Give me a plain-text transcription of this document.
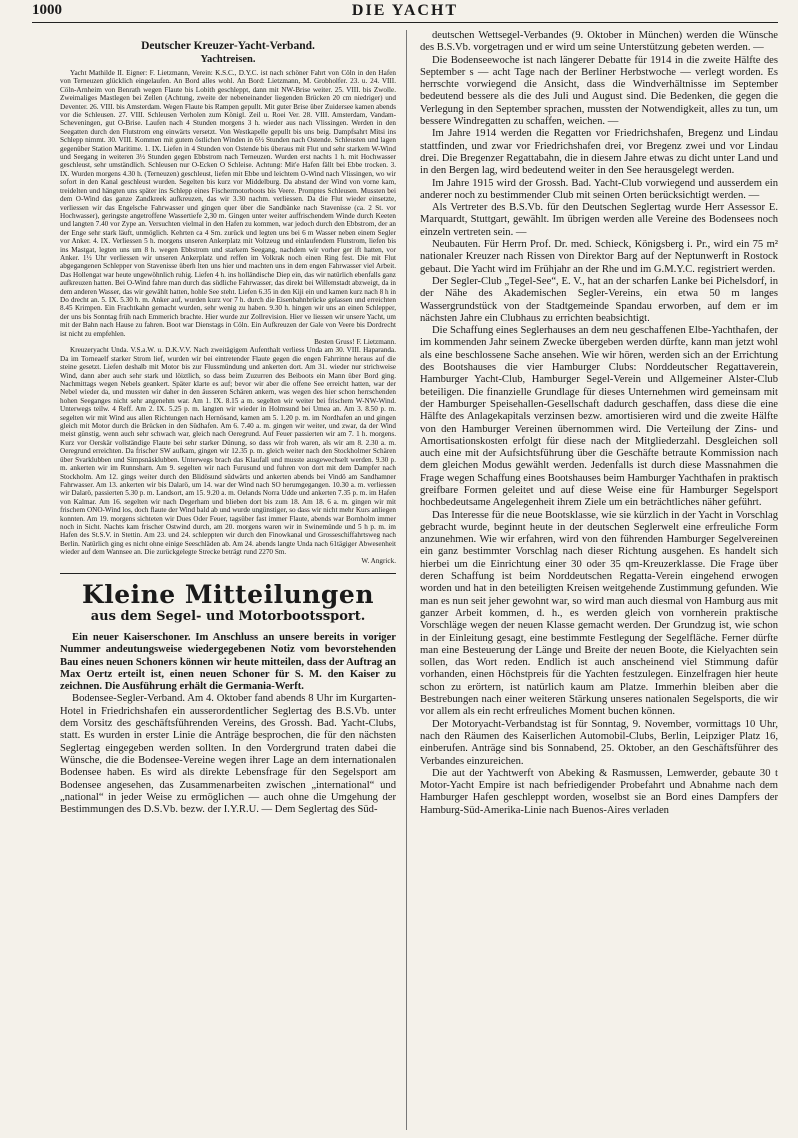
1000	DIE YACHT
Deutscher Kreuzer-Yacht-Verband.
Yachtreisen.

Yacht Mathilde II. Eigner: F. Lietzmann, Verein: K.S.C., D.Y.C. ist nach schöner Fahrt von Cöln in den Hafen von Terneuzen glücklich eingelaufen. An Bord alles wohl. An Bord: Lietzmann, M. Grobholfer. 23. u. 24. VIII. Cöln-Arnheim von Benrath wegen Flaute bis Lobith geschleppt, dann mit NW-Brise weiter. 25. VIII. bis Zwolle. Zweimaliges Mastlegen bei Zellen (Achtung, zweite der nebeneinander liegenden Brücken 20 cm niedriger) und Deventer. 26. VIII. bis Amsterdam. Wegen Flaute bis Rampen gepullt. Mit guter Brise über Zuidersee kamen abends vor die Schleusen. 27. VIII. Schleusen Verholen zum Königl. Zeil u. Roei Ver. 28. VIII. Amsterdam, Vandam-Scheveningen, gut O-Brise. Laufen nach 4 Stunden morgens 3 h. wieder aus nach Vlissingen. Werden in den Seegatten durch den Flutstrom eng einwärts versetzt. Von Westkapelle gepullt bis uns beig. Dampfsahrt Mitsi ins Schlepp nimmt. 30. VIII. Kommen mit gutem östlichen Winden in 6½ Stunden nach Ostende. Schleusten und lagen gegenüber Station Maritime. 1. IX. Liefen in 4 Stunden von Ostende bis überaus mit Flut und sehr starkem W-Wind und Seegang in weiteren 3½ Stunden gegen Ebbstrom nach Terneuzen. Wurden erst nachts 1 h. mit Hochwasser geschleust, sehr umständlich. Schleusen nur O-Ecken O Schleise. Achtung: Mit'e Hafen fällt bei Ebbe trocken. 3. IX. Wurden morgens 4.30 h. (Terneuzen) geschleust, liefen mit Ebbe und leichtem O-Wind nach Vlissingen, wo wir sofort in den Kanal geschleust wurden. Segelten bis kurz vor Middelburg. Da abstand der Wind von vorne kam, treidelten und hängten uns später ins Schlepp eines Fischermotorboots bis Veere. Promptes Schleusen. Mussten bei dem O-Wind das ganze Zandkreek aufkreuzen, das wir 3.30 nachm. verliessen. Da die Flut wieder einsetzte, verliessen wir das Engelsche Fahrwasser und gingen quer über die Sandbänke nach Stavenisse (ca. 2 St. vor Hochwasser), geringste angetroffene Wassertiefe 2,30 m. Gingen unter weiter auffrischendem Winde durch Keeten und langten 7.40 vor Zype an. Versuchten vielmal in den Hafen zu kommen, war jedoch durch den Ebbstrom, der an der Enge sehr stark läuft, unmöglich. Kehrten ca 4 Sm. zurück und legten uns bei 6 m Wasser neben einem Segler vor Anker. 4. IX. Verliessen 5 h. morgens unseren Ankerplatz mit Voltzeug und einlaufendem Flutstrom, liefen bis ins Mastgat, legten uns um 8 h. wegen Ebbstrom und starkem Seegang, nachdem wir vorher ger ift hatten, vor Anker. 1½ Uhr verliessen wir unseren Ankerplatz und reffen im Volkrak noch einen Ring fest. Die mit Flut abgegangenen Schlepper von Stavenisse überh lten uns hier und machten uns in dem engen Fahrwasser viel Arbeit. Das Hollengat war heute ungewöhnlich ruhig. Liefen 4 h. ins holländische Diep ein, das wir natürlich ebenfalls ganz aufkreuzen hatten. Bei O-Wind fahre man durch das südliche Fahrwasser, das direkt bei Willemstadt abzweigt, da in dem anderen Wasser, das wir gewählt hatten, hohle See steht. Liefen 6.35 in den Kiji ein und kamen kurz nach 8 h in Do drecht an. 5. IX. 5.30 h. m. Anker auf, wurden kurz vor 7 h. durch die Eisenbahnbrücke gelassen und erreichten 8.45 Krimpen. Ein Frachtkahn gemacht wurden, sehr wenig zu haben. 9.30 h. hingen wir uns an einen Schlepper, der uns bis Sonntag früh nach Emmerich brachte. Hier wurde zur Zollrevision. Hier ve liessen wir unsere Yacht, um mit der Bahn nach Hause zu fahren. Boot war Dienstags in Cöln. Ein Aufkreuzen der Gale von Veere bis Dordrecht ist nicht zu empfehlen.

Besten Gruss! F. Lietzmann.

Kreuzeryacht Unda. V.S.a.W. u. D.K.V.V. Nach zweitägigem Aufenthalt verliess Unda am 30. VIII. Haparanda. Da im Torneaelf starker Strom lief, wurden wir bei eintretender Flaute gegen die engen Fahrrinne heraus auf die steine gesetzt. Liefen deshalb mit Motor bis zur Flussmündung und ankerten dort. Am 31. wieder nur strichweise Wind, dann aber auch sehr stark und löiztlich, so dass beim Zuzurren des Beiboots ein Mann über Bord ging. Nachmittags wegen Nebels geankert. Später klarte es auf; bevor wir aber die offene See erreicht hatten, war der Nebel wieder da, und mussten wir daher in den äusseren Schären ankern, was wegen des hier schon herrschenden hohen Seeganges nicht sehr angenehm war. Am 1. IX. 8.15 a m. segelten wir weiter bei frischem W-NW-Wind. Unterwegs teilw. 4 Reff. Am 2. IX. 5.25 p. m. langten wir wieder in Holmsund bei Umea an. Am 3. 8.50 p. m. segelten wir mit Wind aus allen Richtungen nach Hernösand, kamen am 5. 1.20 p. m. im Nordhafen an und gingen gleich mit Motor durch die Brücken in den Südhafen. Am 6. 7.40 a. m. gingen wir weiter, und zwar, da der Wind meist günstig, wenn auch sehr schwach war, gleich nach Oeregrund. Auf Feuer passierten wir am 7. 1 h. morgens. Kurz vor Oerskär vollständige Flaute bei sehr starker Dünung, so dass wir froh waren, als wir am 8. 2.30 a. m. Oeregrund erreichten. Da frischer SW aufkam, gingen wir 12.35 p. m. gleich weiter nach den Stockholmer Schären über Svarklubben und Simpsnäsklubben. Unterwegs brach das Klaufall und musste ausgewechselt werden. 9.30 p. m. ankerten wir im Runnsharn. Am 9. segelten wir nach Furusund und fuhren von dort mit dem Dampfer nach Stockholm. Am 12. gings weiter durch den Blidösund südwärts und ankerten abends bei Vindö am Sandhamner Fahrwasser. Am 13. ankerten wir bis Dalarö, um 14. war der Wind nach SO herumgegangen. 10.30 a. m. verliessen wir Dalarö, passierten 5.30 p. m. Landsort, am 15. 9.20 a. m. Oelands Norra Udde und ankerten 7.35 p. m. im Hafen von Kalmar. Am 16. segelten wir nach Degerham und blieben dort bis zum 18. Am 18. 6 a. m. gingen wir mit frischem ONO-Wind los, doch flaute der Wind bald ab und wurde ungünstiger, so dass wir nicht mehr Kurs anliegen konnten. Am 19. morgens sichteten wir Dues Oder Feuer, tagsüber fast immer Flaute, abends war Bornholm immer noch in Sicht. Nachts kam frischer Ostwind durch, am 20. morgens waren wir in Swinemünde und 5 h p. m. im Hafen des St.S.V. in Stettin. Am 23. und 24. schleppten wir durch den Finowkanal und Grosseschiffahrtsweg nach Berlin. Natürlich ging es nicht ohne einige Seeschläden ab. Am 24. abends langte Unda nach 61tägiger Abwesenheit wieder auf dem Wannsee an. Die zurückgelegte Strecke beträgt rund 2270 Sm.

W. Angrick.
Kleine Mitteilungen
aus dem Segel- und Motorbootssport.

Ein neuer Kaiserschoner. Im Anschluss an unsere bereits in voriger Nummer andeutungsweise wiedergegebenen Notiz vom bevorstehenden Bau eines neuen Schoners können wir heute mitteilen, dass der Auftrag an Max Oertz erteilt ist, einen neuen Schoner für S. M. den Kaiser zu zeichnen. Die Ausführung erhält die Germania-Werft.

Bodensee-Segler-Verband. Am 4. Oktober fand abends 8 Uhr im Kurgarten-Hotel in Friedrichshafen ein ausserordentlicher Seglertag des B.S.Vb. unter dem Vorsitz des geschäftsführenden Vereins, des Grossh. Bad. Yacht-Clubs, statt. Es wurden in erster Linie die Anträge besprochen, die für den nächsten Seglertag eingegeben werden sollten. In den Vordergrund traten dabei die Wünsche, die die Bodensee-Vereine wegen ihrer Lage an dem internationalen Bodensee haben. Es wird als direkte Lebensfrage für den Segelsport am Bodensee angesehen, das Zusammenarbeiten zwischen „international“ und „national“ in jeder Weise zu ermöglichen — auch ohne die Umgehung der Bestimmungen des D.S.Vb. bezw. der I.Y.R.U. — Dem Seglertag des Süd-

deutschen Wettsegel-Verbandes (9. Oktober in München) werden die Wünsche des B.S.Vb. vorgetragen und er wird um seine Unterstützung gebeten werden. —

Die Bodenseewoche ist nach längerer Debatte für 1914 in die zweite Hälfte des September s — acht Tage nach der Berliner Herbstwoche — verlegt worden. Es herrschte vorwiegend die Ansicht, dass die Windverhältnisse im September bedeutend bessere als die des Juli und August sind. Die Bedenken, die gegen die Verlegung in den September sprachen, mussten der Notwendigkeit, alles zu tun, um bessere Windregatten zu schaffen, weichen. —

Im Jahre 1914 werden die Regatten vor Friedrichshafen, Bregenz und Lindau stattfinden, und zwar vor Friedrichshafen drei, vor Bregenz zwei und vor Lindau drei. Die Bregenzer Regattabahn, die in diesem Jahre etwas zu dicht unter Land und in den Bergen lag, wird bedeutend weiter in den See herausgelegt werden.

Im Jahre 1915 wird der Grossh. Bad. Yacht-Club vorwiegend und ausserdem ein anderer noch zu bestimmender Club mit seinen Orten berücksichtigt werden. —

Als Vertreter des B.S.Vb. für den Deutschen Seglertag wurde Herr Assessor E. Marquardt, Stuttgart, gewählt. Im übrigen werden alle Vereine des Bodensees noch einzeln vertreten sein. —

Neubauten. Für Herrn Prof. Dr. med. Schieck, Königsberg i. Pr., wird ein 75 m² nationaler Kreuzer nach Rissen von Direktor Barg auf der Neptunwerft in Rostock gebaut. Die Yacht wird im Frühjahr an der Rhe und im G.M.Y.C. registriert werden.

Der Segler-Club „Tegel-See“, E. V., hat an der scharfen Lanke bei Pichelsdorf, in der Nähe des Akademischen Segler-Vereins, ein etwa 50 m langes Wassergrundstück von der Stadtgemeinde Spandau erworben, auf dem er im nächsten Jahre ein Clubhaus zu errichten beabsichtigt.

Die Schaffung eines Seglerhauses an dem neu geschaffenen Elbe-Yachthafen, der im kommenden Jahr seinem Zwecke übergeben werden dürfte, kann man jetzt wohl als eine beschlossene Sache ansehen. Wie wir hören, werden sich an der Errichtung des Bootshauses die vier Hamburger Clubs: Norddeutscher Regattaverein, Hamburger Yacht-Club, Hamburger Segel-Verein und Allgemeiner Alster-Club beteiligen. Die finanzielle Grundlage für dieses Unternehmen wird gemeinsam mit der Hamburger Speisehallen-Gesellschaft dadurch geschaffen, dass diese die eine Hälfte des Anlagekapitals verzinsen bezw. amortisieren wird und die zweite Hälfte von den Hamburger Vereinen übernommen wird. Die Verteilung der Zins- und Amortisationskosten erfolgt für diese nach der Mitgliederzahl. Desgleichen soll auch eine mit der Aufsichtsführung über die Geschäfte betraute Kommission nach dem gleichen Modus gewählt werden. Jedenfalls ist durch diese Massnahmen die Frage wegen Schaffung eines Bootshauses beim Hamburger Yachthafen in praktisch greifbare Formen geleitet und auf diese Weise eine für Hamburger Segelsport hochbedeutsame Angelegenheit ihrem Ziele um ein beträchtliches näher geführt.

Das Interesse für die neue Bootsklasse, wie sie kürzlich in der Yacht in Vorschlag gebracht wurde, beginnt heute in der deutschen Seglerwelt eine erfreuliche Form anzunehmen. Wie wir erfahren, wird von den führenden Hamburger Segelvereinen ein ganz bestimmter Vorschlag nach dieser Richtung ausgehen. Es handelt sich hierbei um die Einrichtung einer 30 oder 35 qm-Kreuzerklasse. Die Frage über deren Schaffung ist beim Norddeutschen Regatta-Verein eingehend erwogen worden und hat in den beteiligten Kreisen weitgehende Zustimmung gefunden. Wie man es nun seit jeher gewohnt war, so wird man auch diesmal von Hamburg aus mit ganzer Arbeit kommen, d. h., es werden gleich von vornherein praktische Vorschläge wegen der neuen Klasse gemacht werden. Der Grundzug ist, wie schon in der Einleitung gesagt, eine bestimmte Festlegung der Segelfläche. Ferner dürfte man eine Besteuerung der Länge und Breite der neuen Boote, die Kielyachten sein sollen, das Wort reden. Endlich ist auch anscheinend viel Stimmung dafür vorhanden, einen Höchstpreis für die Yachten festzulegen. Einzelfragen hier heute schon zu erörtern, ist natürlich kaum am Platze. Immerhin bleiben aber die Bestrebungen nach einer weiteren Stärkung unseres nationalen Segelsports, die wir vor allem als ein recht erfreuliches Moment buchen können.

Der Motoryacht-Verbandstag ist für Sonntag, 9. November, vormittags 10 Uhr, nach den Räumen des Kaiserlichen Automobil-Clubs, Berlin, Leipziger Platz 16, einberufen. Anträge sind bis Sonnabend, 25. Oktober, an den Geschäftsführer des Verbandes einzureichen.

Die aut der Yachtwerft von Abeking & Rasmussen, Lemwerder, gebaute 30 t Motor-Yacht Empire ist nach befriedigender Probefahrt und Abnahme nach dem Hamburger Hafen geschleppt worden, woselbst sie an Bord eines Dampfers der Hamburg-Süd-Amerika-Linie nach Buenos-Aires verladen
